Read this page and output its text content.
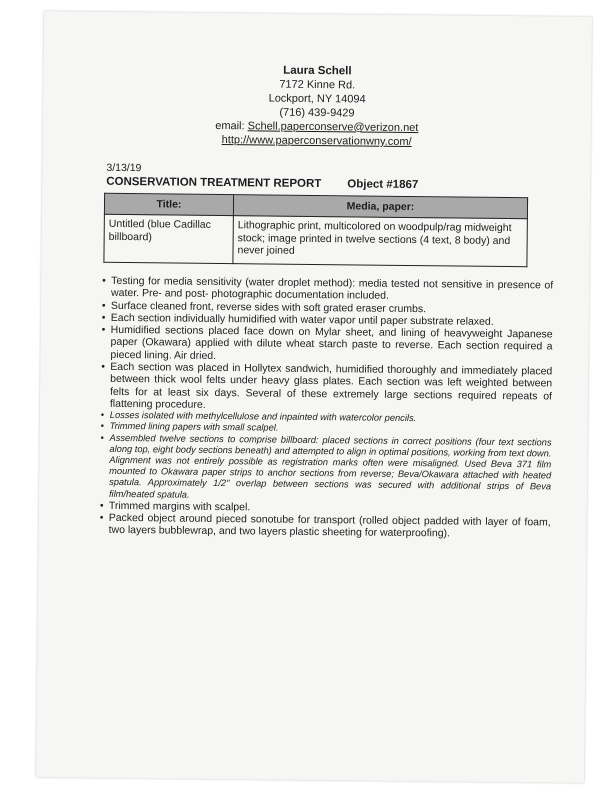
Laura Schell
7172 Kinne Rd.
Lockport, NY 14094
(716) 439-9429
email: Schell.paperconserve@verizon.net
http://www.paperconservationwny.com/
3/13/19
CONSERVATION TREATMENT REPORT Object #1867
Title:	Media, paper:
Untitled (blue Cadillac billboard)	Lithographic print, multicolored on woodpulp/rag midweight stock; image printed in twelve sections (4 text, 8 body) and never joined
• Testing for media sensitivity (water droplet method): media tested not sensitive in presence of water. Pre- and post- photographic documentation included.
• Surface cleaned front, reverse sides with soft grated eraser crumbs.
• Each section individually humidified with water vapor until paper substrate relaxed.
• Humidified sections placed face down on Mylar sheet, and lining of heavyweight Japanese paper (Okawara) applied with dilute wheat starch paste to reverse. Each section required a pieced lining. Air dried.
• Each section was placed in Hollytex sandwich, humidified thoroughly and immediately placed between thick wool felts under heavy glass plates. Each section was left weighted between felts for at least six days. Several of these extremely large sections required repeats of flattening procedure.
• Losses isolated with methylcellulose and inpainted with watercolor pencils.
• Trimmed lining papers with small scalpel.
• Assembled twelve sections to comprise billboard: placed sections in correct positions (four text sections along top, eight body sections beneath) and attempted to align in optimal positions, working from text down. Alignment was not entirely possible as registration marks often were misaligned. Used Beva 371 film mounted to Okawara paper strips to anchor sections from reverse; Beva/Okawara attached with heated spatula. Approximately 1/2" overlap between sections was secured with additional strips of Beva film/heated spatula.
• Trimmed margins with scalpel.
• Packed object around pieced sonotube for transport (rolled object padded with layer of foam, two layers bubblewrap, and two layers plastic sheeting for waterproofing).
